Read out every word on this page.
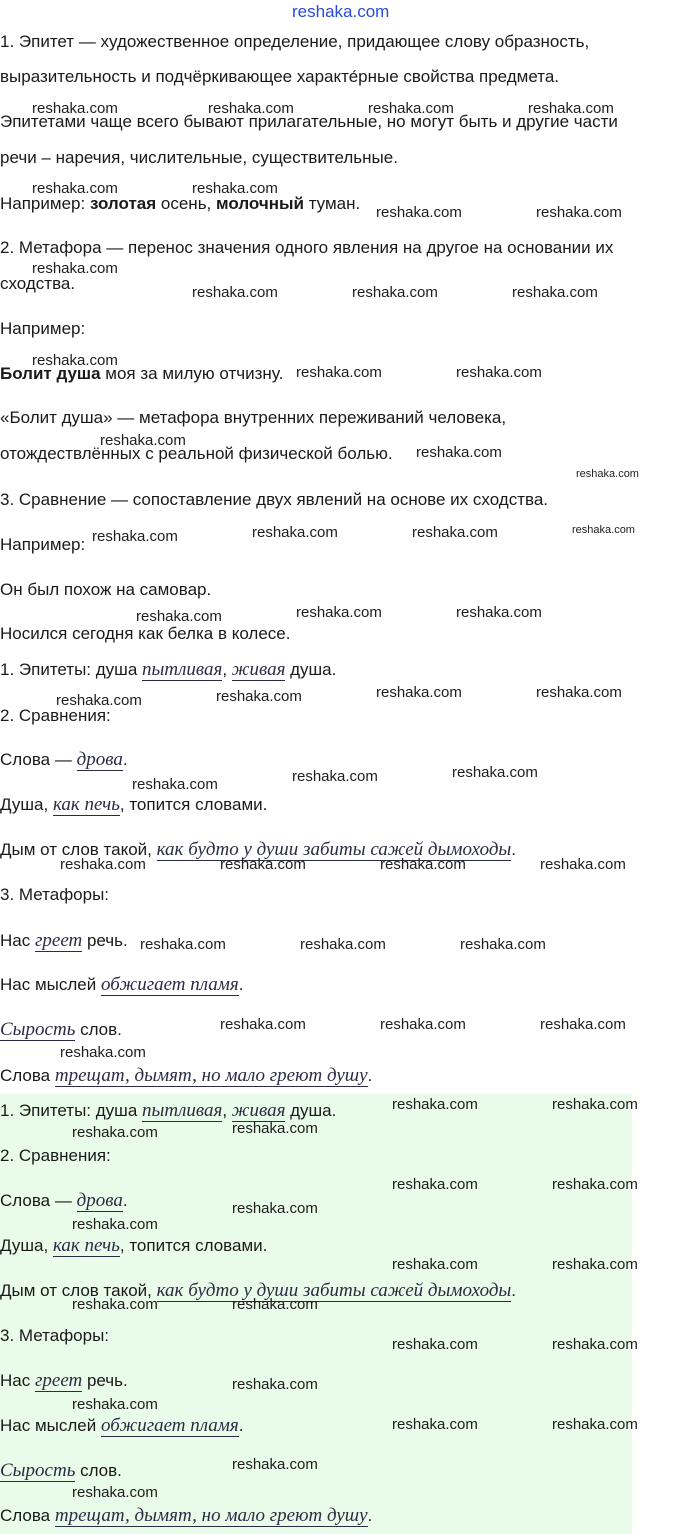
reshaka.com
1. Эпитет — художественное определение, придающее слову образность,
выразительность и подчёркивающее характе́рные свойства предмета.
Эпитетами чаще всего бывают прилагательные, но могут быть и другие части
речи – наречия, числительные, существительные.
Например: золотая осень, молочный туман.
2. Метафора — перенос значения одного явления на другое на основании их
сходства.
Например:
Болит душа моя за милую отчизну.
«Болит душа» — метафора внутренних переживаний человека,
отождествлённых с реальной физической болью.
3. Сравнение — сопоставление двух явлений на основе их сходства.
Например:
Он был похож на самовар.
Носился сегодня как белка в колесе.
1. Эпитеты: душа пытливая, живая душа.
2. Сравнения:
Слова — дрова.
Душа, как печь, топится словами.
Дым от слов такой, как будто у души забиты сажей дымоходы.
3. Метафоры:
Нас греет речь.
Нас мыслей обжигает пламя.
Сырость слов.
Слова трещат, дымят, но мало греют душу.
1. Эпитеты: душа пытливая, живая душа.
2. Сравнения:
Слова — дрова.
Душа, как печь, топится словами.
Дым от слов такой, как будто у души забиты сажей дымоходы.
3. Метафоры:
Нас греет речь.
Нас мыслей обжигает пламя.
Сырость слов.
Слова трещат, дымят, но мало греют душу.
reshaka.com	reshaka.com	reshaka.com	reshaka.com
reshaka.com	reshaka.com
reshaka.com	reshaka.com
reshaka.com
reshaka.com	reshaka.com	reshaka.com
reshaka.com
reshaka.com	reshaka.com
reshaka.com
reshaka.com
reshaka.com
reshaka.com
reshaka.com	reshaka.com	reshaka.com
reshaka.com	reshaka.com	reshaka.com
reshaka.com	reshaka.com	reshaka.com	reshaka.com
reshaka.com	reshaka.com	reshaka.com
reshaka.com	reshaka.com	reshaka.com	reshaka.com
reshaka.com	reshaka.com	reshaka.com
reshaka.com	reshaka.com	reshaka.com
reshaka.com
reshaka.com	reshaka.com
reshaka.com	reshaka.com
reshaka.com	reshaka.com
reshaka.com
reshaka.com
reshaka.com	reshaka.com
reshaka.com	reshaka.com
reshaka.com	reshaka.com
reshaka.com
reshaka.com
reshaka.com	reshaka.com
reshaka.com
reshaka.com
